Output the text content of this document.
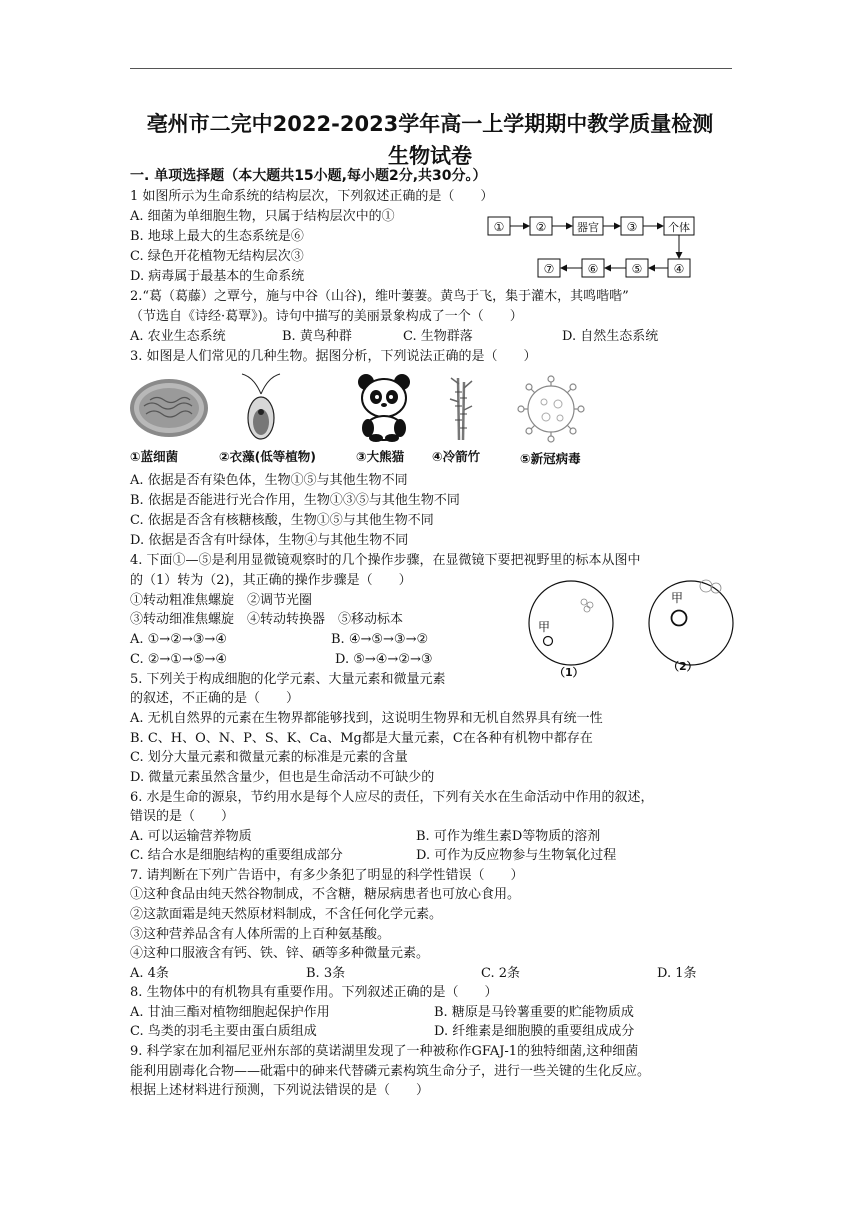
亳州市二完中2022-2023学年高一上学期期中教学质量检测
生物试卷
一. 单项选择题（本大题共15小题,每小题2分,共30分。）
1 如图所示为生命系统的结构层次，下列叙述正确的是（　　）
A. 细菌为单细胞生物，只属于结构层次中的①
B. 地球上最大的生态系统是⑥
C. 绿色开花植物无结构层次③
D. 病毒属于最基本的生命系统
①	②	器官 ③	个体
⑦	⑥	⑤	④
2.“葛（葛藤）之覃兮，施与中谷（山谷)，维叶萋萋。黄鸟于飞，集于灌木，其鸣喈喈”
（节选自《诗经·葛覃》)。诗句中描写的美丽景象构成了一个（　　）
A. 农业生态系统	B. 黄鸟种群	C. 生物群落	D. 自然生态系统
3. 如图是人们常见的几种生物。据图分析，下列说法正确的是（　　）
①蓝细菌	②衣藻(低等植物)	③大熊猫 ④冷箭竹	⑤新冠病毒
A. 依据是否有染色体，生物①⑤与其他生物不同
B. 依据是否能进行光合作用，生物①③⑤与其他生物不同
C. 依据是否含有核糖核酸，生物①⑤与其他生物不同
D. 依据是否含有叶绿体，生物④与其他生物不同
4. 下面①—⑤是利用显微镜观察时的几个操作步骤，在显微镜下要把视野里的标本从图中
的（1）转为（2)，其正确的操作步骤是（　　）
①转动粗准焦螺旋　②调节光圈
③转动细准焦螺旋　④转动转换器　⑤移动标本
A. ①→②→③→④	B. ④→⑤→③→②
C. ②→①→⑤→④	D. ⑤→④→②→③
甲
甲
（1）	（2）
5. 下列关于构成细胞的化学元素、大量元素和微量元素
的叙述，不正确的是（　　）
A. 无机自然界的元素在生物界都能够找到，这说明生物界和无机自然界具有统一性
B. C、H、O、N、P、S、K、Ca、Mg都是大量元素，C在各种有机物中都存在
C. 划分大量元素和微量元素的标准是元素的含量
D. 微量元素虽然含量少，但也是生命活动不可缺少的
6. 水是生命的源泉，节约用水是每个人应尽的责任，下列有关水在生命活动中作用的叙述，
错误的是（　　）
A. 可以运输营养物质	B. 可作为维生素D等物质的溶剂
C. 结合水是细胞结构的重要组成部分	D. 可作为反应物参与生物氧化过程
7. 请判断在下列广告语中，有多少条犯了明显的科学性错误（　　）
①这种食品由纯天然谷物制成，不含糖，糖尿病患者也可放心食用。
②这款面霜是纯天然原材料制成，不含任何化学元素。
③这种营养品含有人体所需的上百种氨基酸。
④这种口服液含有钙、铁、锌、硒等多种微量元素。
A. 4条	B. 3条	C. 2条	D. 1条
8. 生物体中的有机物具有重要作用。下列叙述正确的是（　　）
A. 甘油三酯对植物细胞起保护作用	B. 糖原是马铃薯重要的贮能物质成
C. 鸟类的羽毛主要由蛋白质组成	D. 纤维素是细胞膜的重要组成成分
9. 科学家在加利福尼亚州东部的莫诺湖里发现了一种被称作GFAJ-1的独特细菌,这种细菌
能利用剧毒化合物——砒霜中的砷来代替磷元素构筑生命分子，进行一些关键的生化反应。
根据上述材料进行预测，下列说法错误的是（　　）
